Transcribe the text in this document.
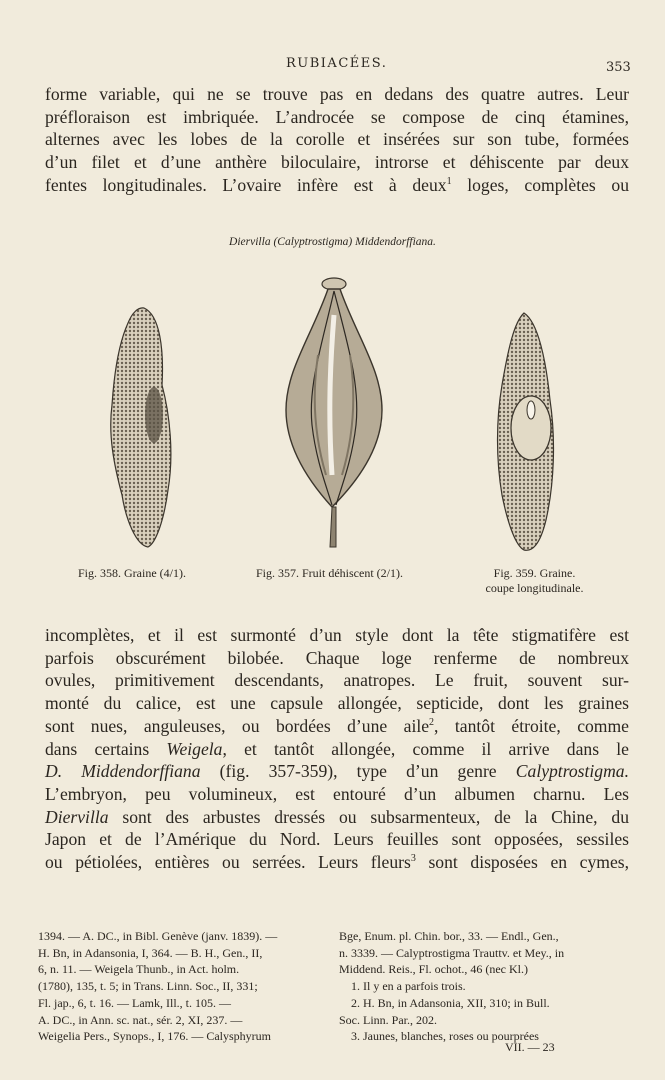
RUBIACÉES.	353
forme variable, qui ne se trouve pas en dedans des quatre autres. Leur
préfloraison est imbriquée. L’androcée se compose de cinq étamines,
alternes avec les lobes de la corolle et insérées sur son tube, formées
d’un filet et d’une anthère biloculaire, introrse et déhiscente par deux
fentes longitudinales. L’ovaire infère est à deux$^1$ loges, complètes ou
Diervilla (Calyptrostigma) Middendorffiana.
Fig. 358. Graine (4/1).	Fig. 357. Fruit déhiscent (2/1).	Fig. 359. Graine.
coupe longitudinale.
incomplètes, et il est surmonté d’un style dont la tête stigmatifère est
parfois obscurément bilobée. Chaque loge renferme de nombreux
ovules, primitivement descendants, anatropes. Le fruit, souvent sur-
monté du calice, est une capsule allongée, septicide, dont les graines
sont nues, anguleuses, ou bordées d’une aile$^2$, tantôt étroite, comme
dans certains Weigela, et tantôt allongée, comme il arrive dans le
D. Middendorffiana (fig. 357-359), type d’un genre Calyptrostigma.
L’embryon, peu volumineux, est entouré d’un albumen charnu. Les
Diervilla sont des arbustes dressés ou subsarmenteux, de la Chine, du
Japon et de l’Amérique du Nord. Leurs feuilles sont opposées, sessiles
ou pétiolées, entières ou serrées. Leurs fleurs$^3$ sont disposées en cymes,
1394. — A. DC., in Bibl. Genève (janv. 1839). —
H. Bn, in Adansonia, I, 364. — B. H., Gen., II,
6, n. 11. — Weigela Thunb., in Act. holm.
(1780), 135, t. 5; in Trans. Linn. Soc., II, 331;
Fl. jap., 6, t. 16. — Lamk, Ill., t. 105. —
A. DC., in Ann. sc. nat., sér. 2, XI, 237. —
Weigelia Pers., Synops., I, 176. — Calysphyrum
Bge, Enum. pl. Chin. bor., 33. — Endl., Gen.,
n. 3339. — Calyptrostigma Trauttv. et Mey., in
Middend. Reis., Fl. ochot., 46 (nec Kl.)
1. Il y en a parfois trois.
2. H. Bn, in Adansonia, XII, 310; in Bull.
Soc. Linn. Par., 202.
3. Jaunes, blanches, roses ou pourprées
VII. — 23
